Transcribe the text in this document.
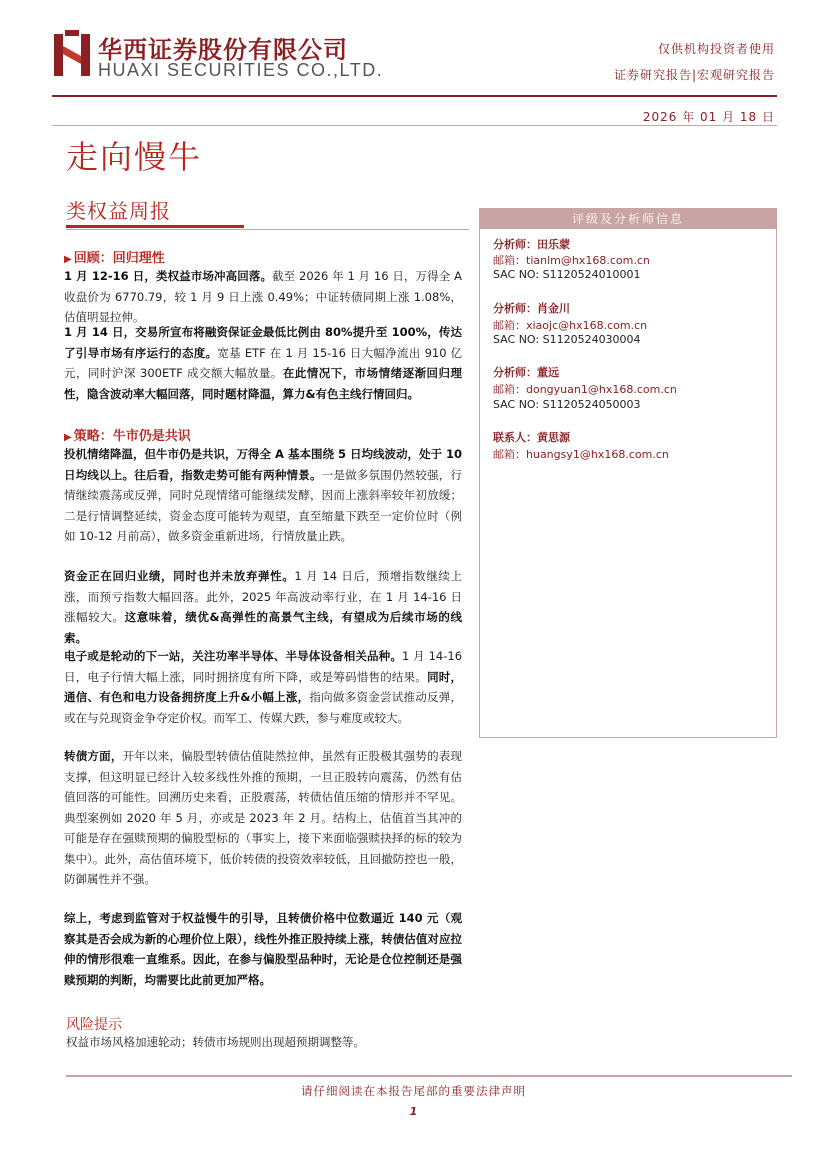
华西证券股份有限公司
HUAXI SECURITIES CO.,LTD.
仅供机构投资者使用
证券研究报告|宏观研究报告
2026 年 01 月 18 日
走向慢牛
类权益周报
▶ 回顾：回归理性
1 月 12-16 日，类权益市场冲高回落。截至 2026 年 1 月 16 日，万得全 A 收盘价为 6770.79，较 1 月 9 日上涨 0.49%；中证转债同期上涨 1.08%，估值明显拉伸。
1 月 14 日，交易所宣布将融资保证金最低比例由 80%提升至 100%，传达了引导市场有序运行的态度。宽基 ETF 在 1 月 15-16 日大幅净流出 910 亿元，同时沪深 300ETF 成交额大幅放量。在此情况下，市场情绪逐渐回归理性，隐含波动率大幅回落，同时题材降温，算力&有色主线行情回归。
▶ 策略：牛市仍是共识
投机情绪降温，但牛市仍是共识，万得全 A 基本围绕 5 日均线波动，处于 10 日均线以上。往后看，指数走势可能有两种情景。一是做多氛围仍然较强，行情继续震荡或反弹，同时兑现情绪可能继续发酵，因而上涨斜率较年初放缓；二是行情调整延续，资金态度可能转为观望，直至缩量下跌至一定价位时（例如 10-12 月前高），做多资金重新进场，行情放量止跌。
资金正在回归业绩，同时也并未放弃弹性。1 月 14 日后，预增指数继续上涨，而预亏指数大幅回落。此外，2025 年高波动率行业，在 1 月 14-16 日涨幅较大。这意味着，绩优&高弹性的高景气主线，有望成为后续市场的线索。
电子或是轮动的下一站，关注功率半导体、半导体设备相关品种。1 月 14-16 日，电子行情大幅上涨，同时拥挤度有所下降，或是筹码惜售的结果。同时，通信、有色和电力设备拥挤度上升&小幅上涨，指向做多资金尝试推动反弹，或在与兑现资金争夺定价权。而军工、传媒大跌，参与难度或较大。
转债方面，开年以来，偏股型转债估值陡然拉伸，虽然有正股极其强势的表现支撑，但这明显已经计入较多线性外推的预期，一旦正股转向震荡，仍然有估值回落的可能性。回溯历史来看，正股震荡，转债估值压缩的情形并不罕见。典型案例如 2020 年 5 月，亦或是 2023 年 2 月。结构上，估值首当其冲的可能是存在强赎预期的偏股型标的（事实上，接下来面临强赎抉择的标的较为集中）。此外，高估值环境下，低价转债的投资效率较低，且回撤防控也一般，防御属性并不强。
综上，考虑到监管对于权益慢牛的引导，且转债价格中位数逼近 140 元（观察其是否会成为新的心理价位上限），线性外推正股持续上涨，转债估值对应拉伸的情形很难一直维系。因此，在参与偏股型品种时，无论是仓位控制还是强赎预期的判断，均需要比此前更加严格。
风险提示
权益市场风格加速轮动；转债市场规则出现超预期调整等。
评级及分析师信息
分析师：田乐蒙
邮箱：tianlm@hx168.com.cn
SAC NO: S1120524010001
分析师：肖金川
邮箱：xiaojc@hx168.com.cn
SAC NO: S1120524030004
分析师：董远
邮箱：dongyuan1@hx168.com.cn
SAC NO: S1120524050003
联系人：黄思源
邮箱：huangsy1@hx168.com.cn
请仔细阅读在本报告尾部的重要法律声明
1
